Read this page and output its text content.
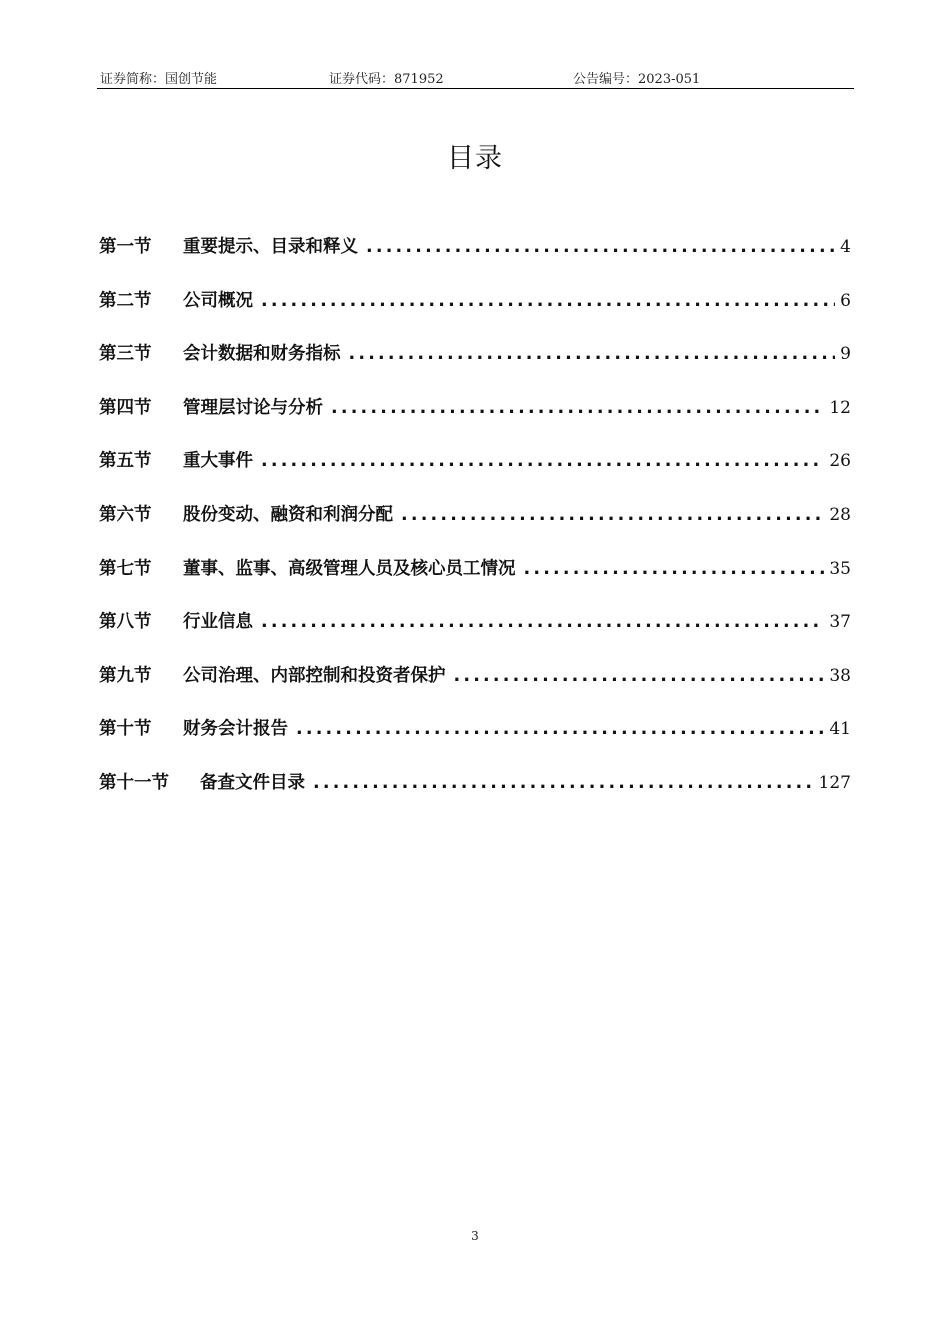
证券简称：国创节能	证券代码：871952	公告编号：2023-051
目录
第一节	重要提示、目录和释义 .....	4
第二节	公司概况 .....	6
第三节	会计数据和财务指标 .....	9
第四节	管理层讨论与分析 .....	12
第五节	重大事件 .....	26
第六节	股份变动、融资和利润分配 .....	28
第七节	董事、监事、高级管理人员及核心员工情况 .....	35
第八节	行业信息 .....	37
第九节	公司治理、内部控制和投资者保护 .....	38
第十节	财务会计报告 .....	41
第十一节	备查文件目录 .....	127
3
